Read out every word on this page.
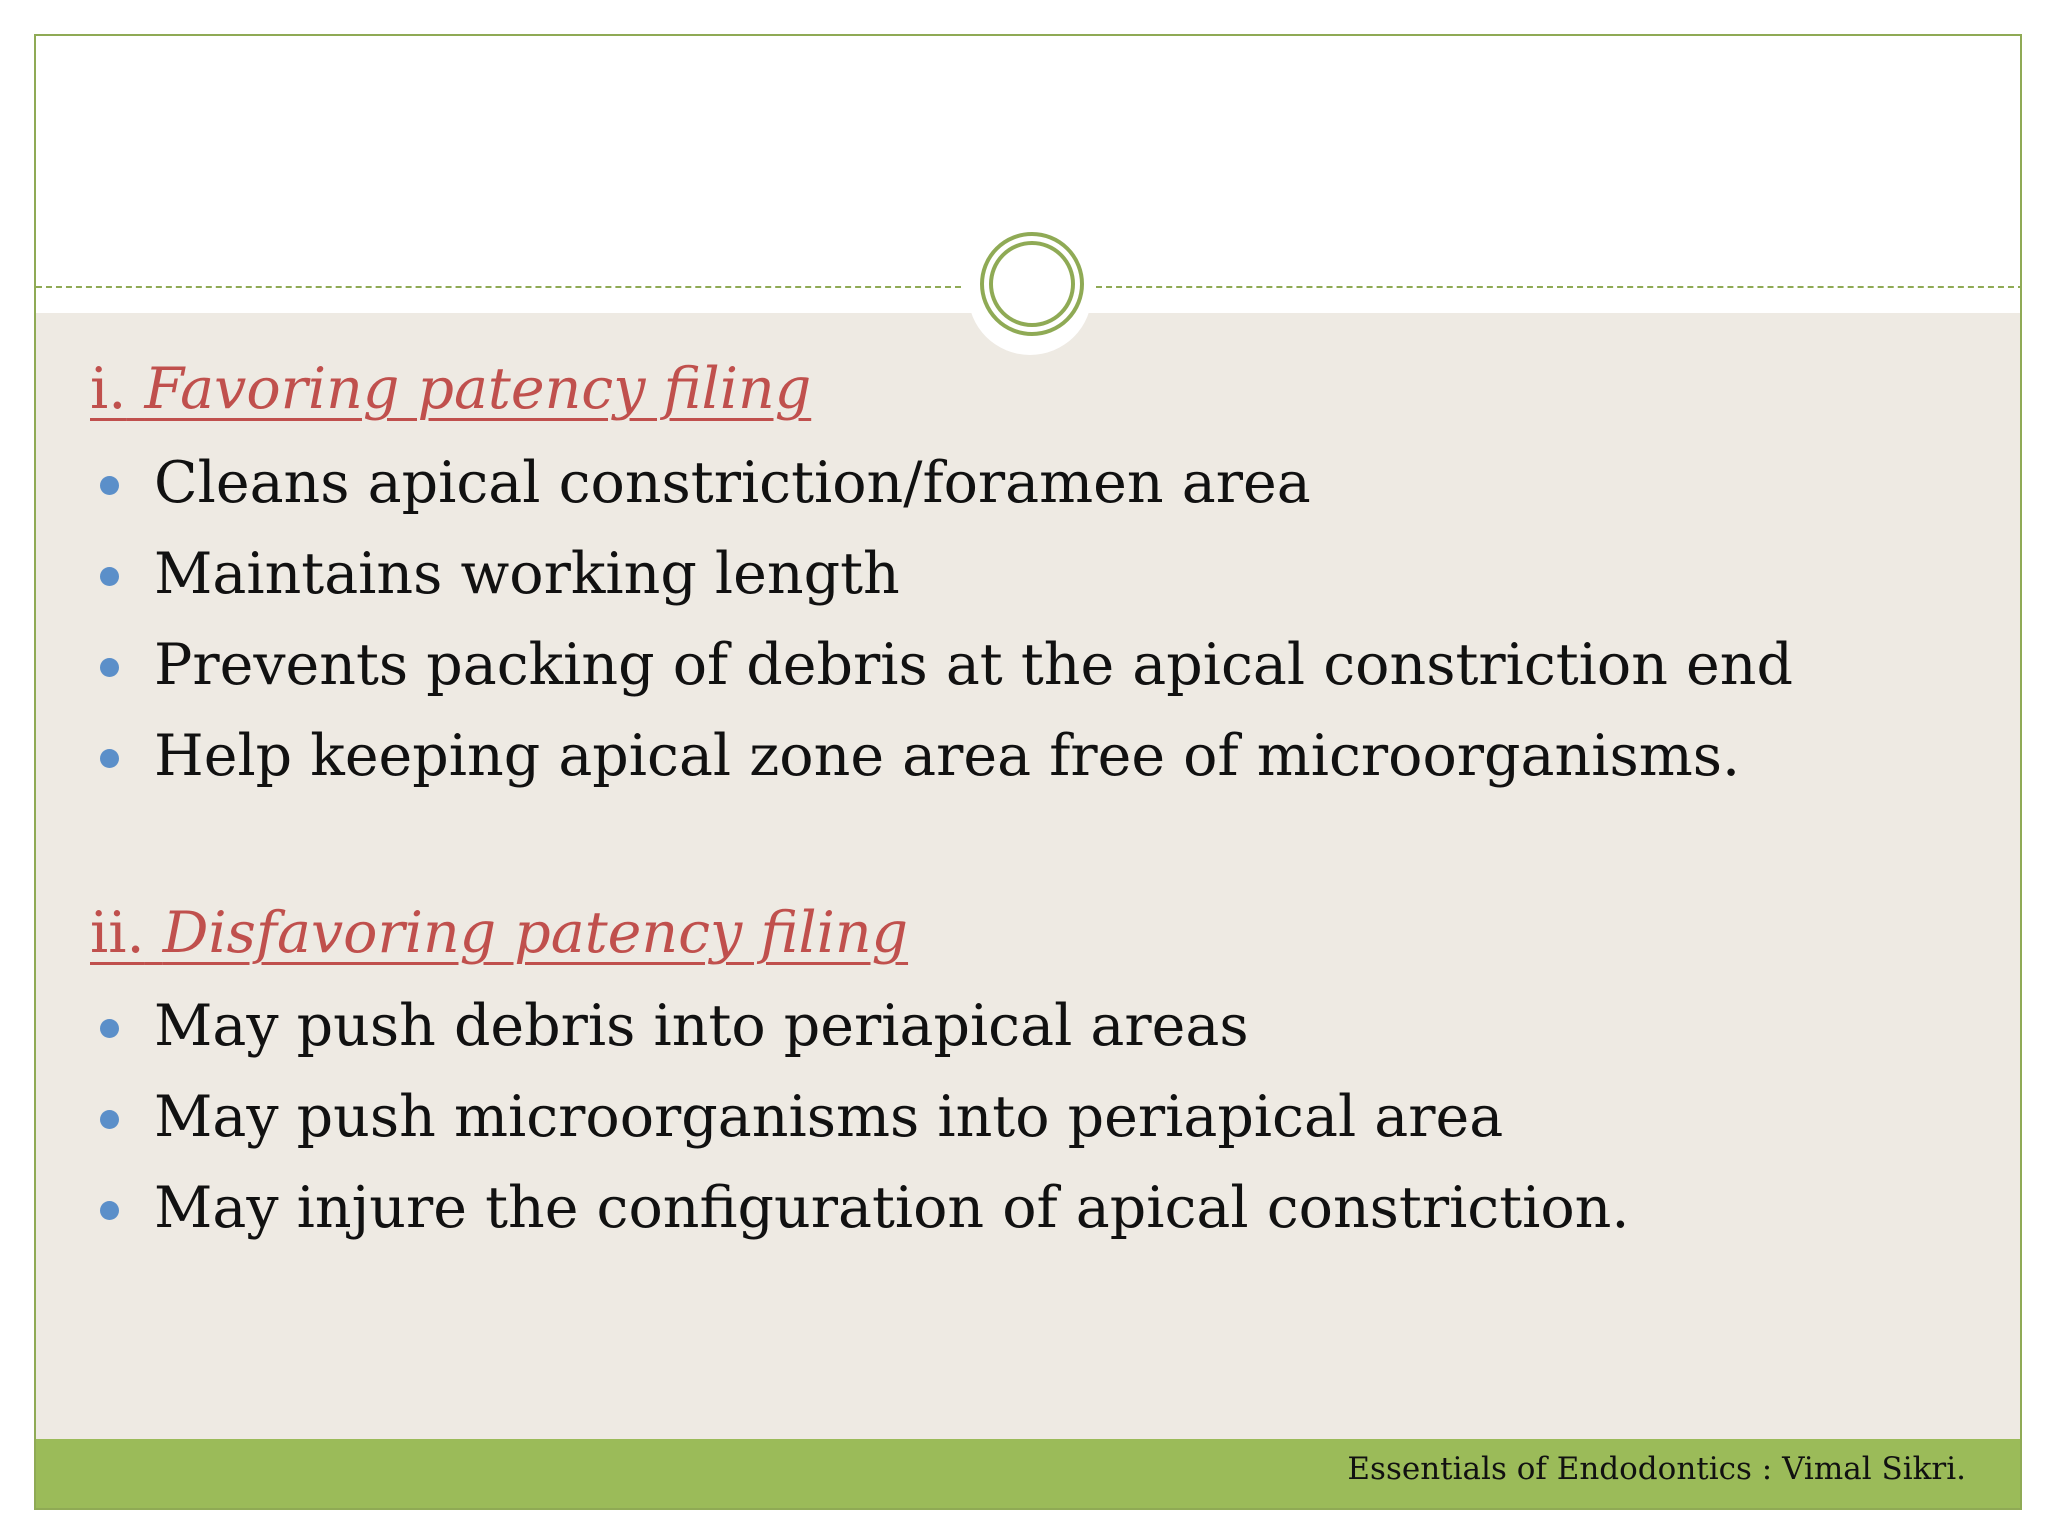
i. Favoring patency filing
Cleans apical constriction/foramen area
Maintains working length
Prevents packing of debris at the apical constriction end
Help keeping apical zone area free of microorganisms.
ii. Disfavoring patency filing
May push debris into periapical areas
May push microorganisms into periapical area
May injure the configuration of apical constriction.
Essentials of Endodontics : Vimal Sikri.
